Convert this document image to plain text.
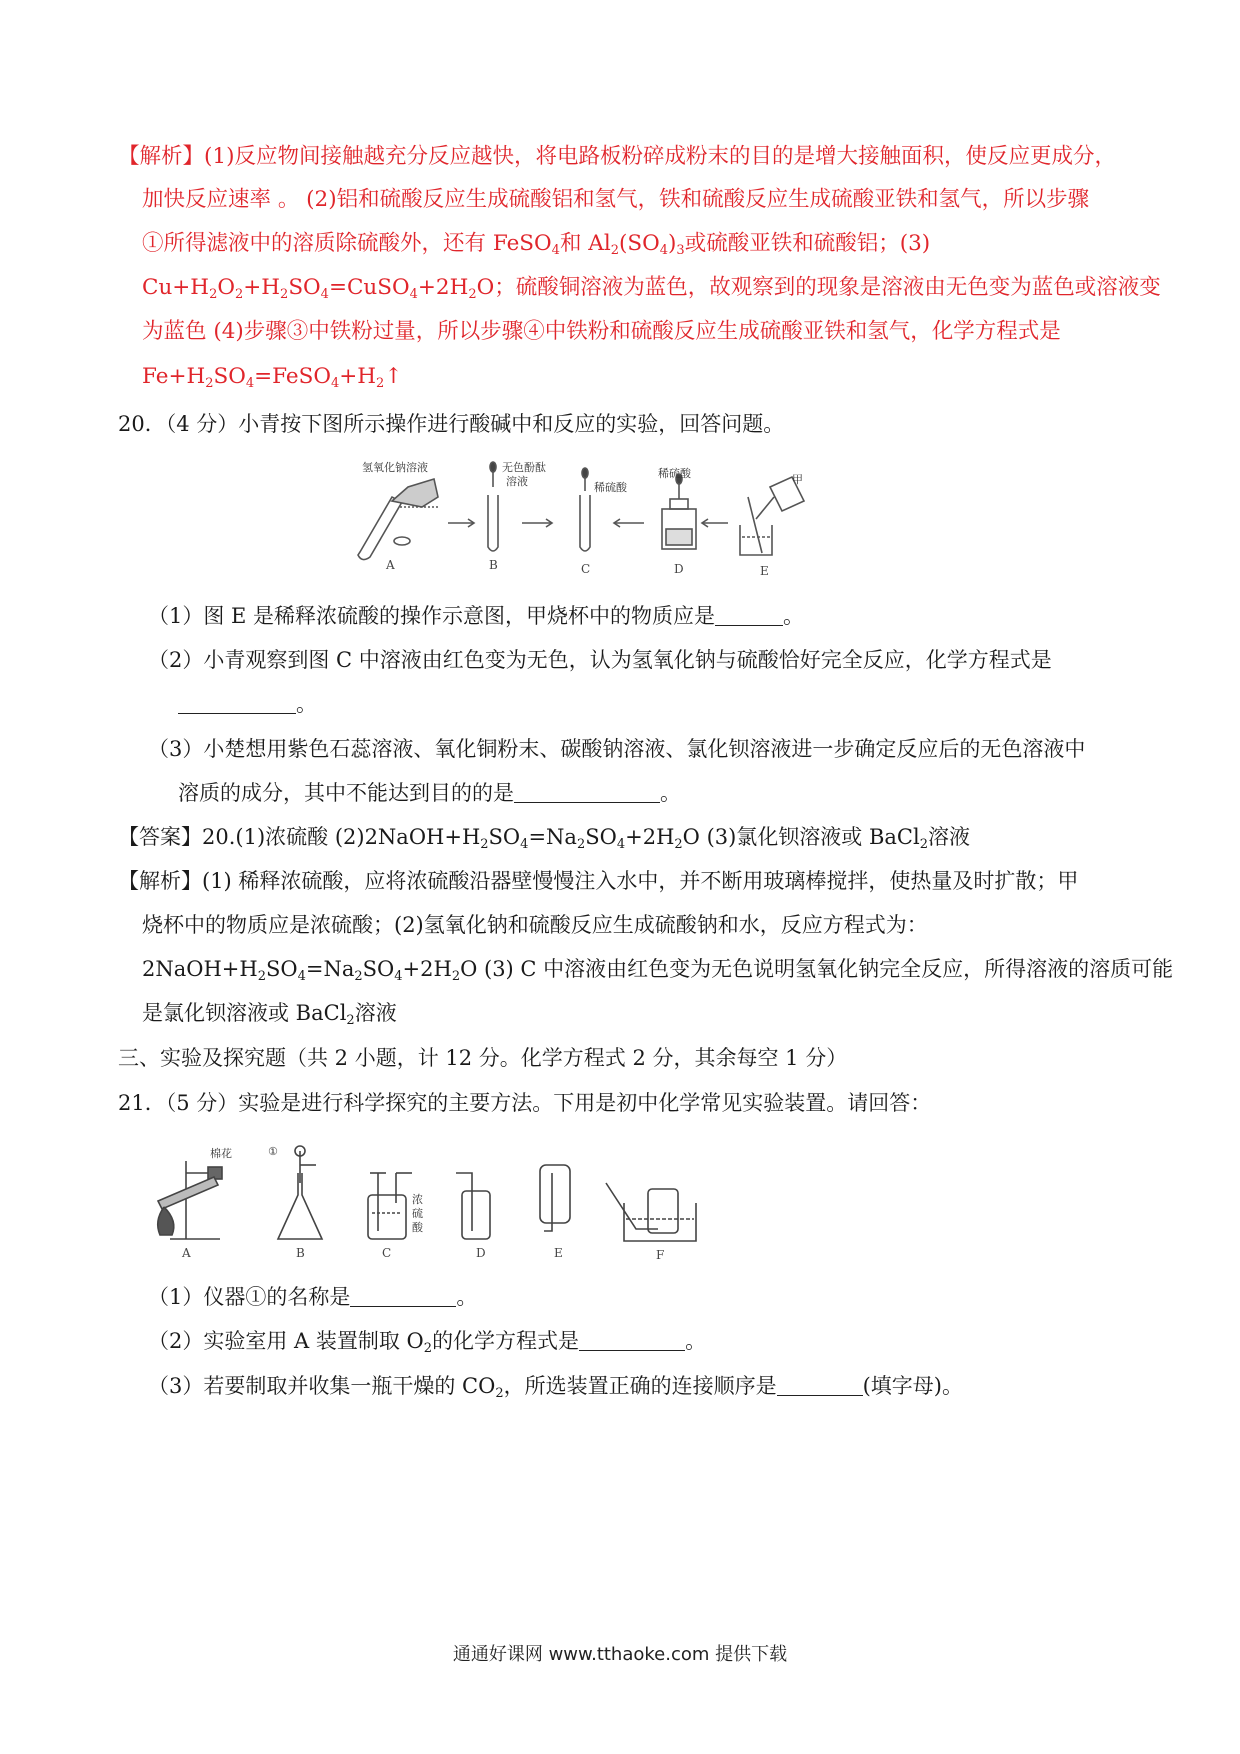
【解析】(1)反应物间接触越充分反应越快，将电路板粉碎成粉末的目的是增大接触面积，使反应更成分，
加快反应速率 。 (2)铝和硫酸反应生成硫酸铝和氢气，铁和硫酸反应生成硫酸亚铁和氢气，所以步骤
①所得滤液中的溶质除硫酸外，还有 FeSO$_4$和 $Al_2(SO_4)_3$或硫酸亚铁和硫酸铝；(3)
$Cu+H_2O_2+H_2SO_4=CuSO_4+2H_2O$；硫酸铜溶液为蓝色，故观察到的现象是溶液由无色变为蓝色或溶液变
为蓝色 (4)步骤③中铁粉过量，所以步骤④中铁粉和硫酸反应生成硫酸亚铁和氢气，化学方程式是
$Fe+H_2SO_4=FeSO_4+H_2↑$
20．（4 分）小青按下图所示操作进行酸碱中和反应的实验，回答问题。
氢氧化钠溶液	无色酚酞
溶液	稀硫酸
稀硫酸	甲
A	B	C	D	E
（1）图 E 是稀释浓硫酸的操作示意图，甲烧杯中的物质应是	。
（2）小青观察到图 C 中溶液由红色变为无色，认为氢氧化钠与硫酸恰好完全反应，化学方程式是
。
（3）小楚想用紫色石蕊溶液、氧化铜粉末、碳酸钠溶液、氯化钡溶液进一步确定反应后的无色溶液中
溶质的成分，其中不能达到目的的是	。
【答案】20.(1)浓硫酸 $(2)2NaOH+H_2SO_4=Na_2SO_4+2H_2O$ (3)氯化钡溶液或 BaCl$_2$溶液
【解析】(1) 稀释浓硫酸，应将浓硫酸沿器壁慢慢注入水中，并不断用玻璃棒搅拌，使热量及时扩散；甲
烧杯中的物质应是浓硫酸；(2)氢氧化钠和硫酸反应生成硫酸钠和水，反应方程式为：
$2NaOH+H_2SO_4=Na_2SO_4+2H_2O$ (3) C 中溶液由红色变为无色说明氢氧化钠完全反应，所得溶液的溶质可能
是氯化钡溶液或 BaCl$_2$溶液
三、实验及探究题（共 2 小题，计 12 分。化学方程式 2 分，其余每空 1 分）
21．（5 分）实验是进行科学探究的主要方法。下用是初中化学常见实验装置。请回答：
棉花	①
浓
硫
酸
A	B	C	D	E	F
（1）仪器①的名称是	。
（2）实验室用 A 装置制取 $O_2$的化学方程式是	。
（3）若要制取并收集一瓶干燥的 $CO_2$，所选装置正确的连接顺序是	(填字母)。
通通好课网 www.tthaoke.com 提供下载
